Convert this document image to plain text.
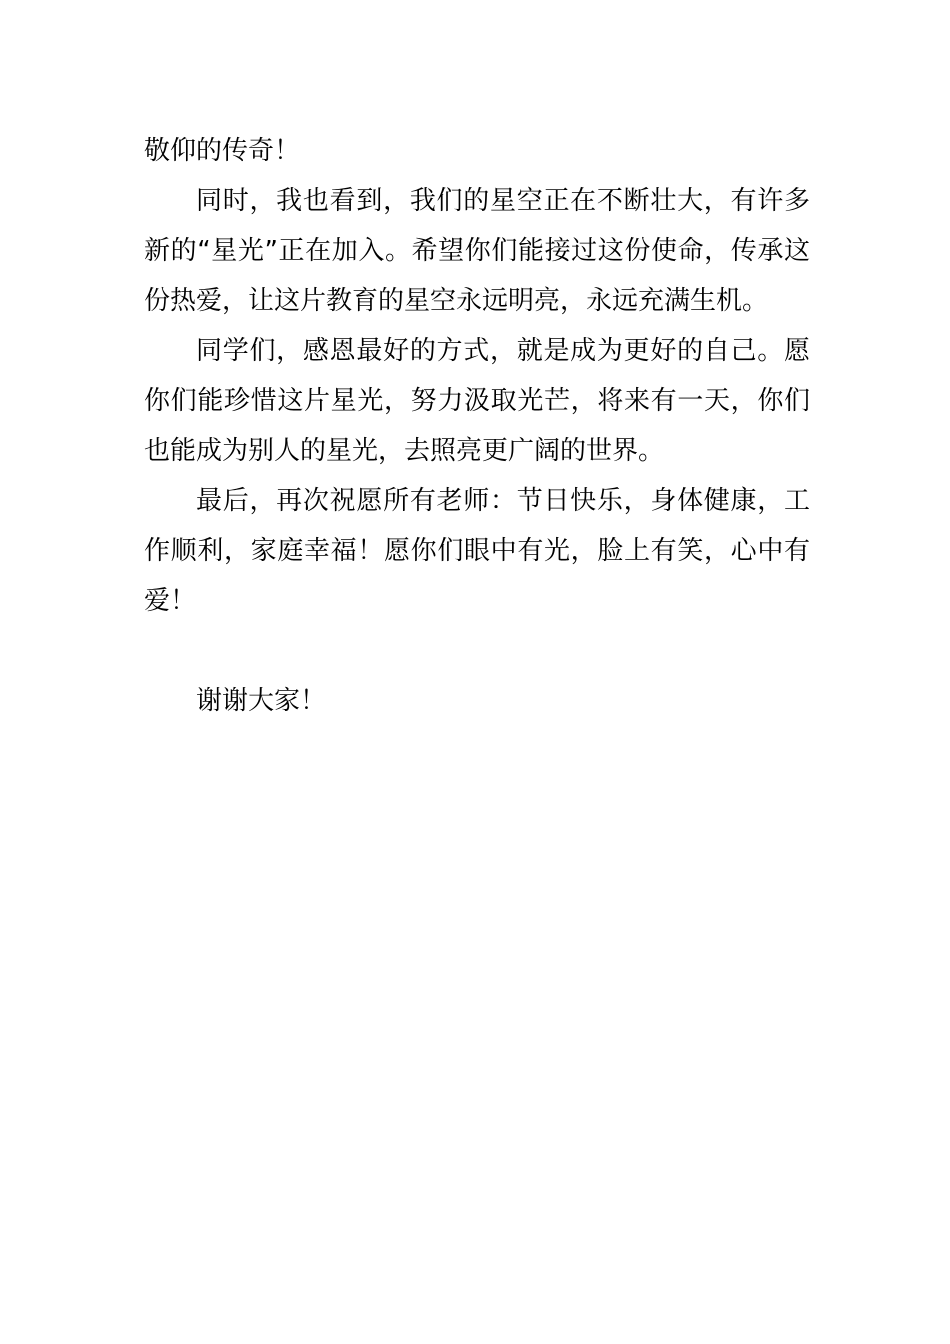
敬仰的传奇！

同时，我也看到，我们的星空正在不断壮大，有许多新的“星光”正在加入。希望你们能接过这份使命，传承这份热爱，让这片教育的星空永远明亮，永远充满生机。

同学们，感恩最好的方式，就是成为更好的自己。愿你们能珍惜这片星光，努力汲取光芒，将来有一天，你们也能成为别人的星光，去照亮更广阔的世界。

最后，再次祝愿所有老师：节日快乐，身体健康，工作顺利，家庭幸福！愿你们眼中有光，脸上有笑，心中有爱！

谢谢大家！
